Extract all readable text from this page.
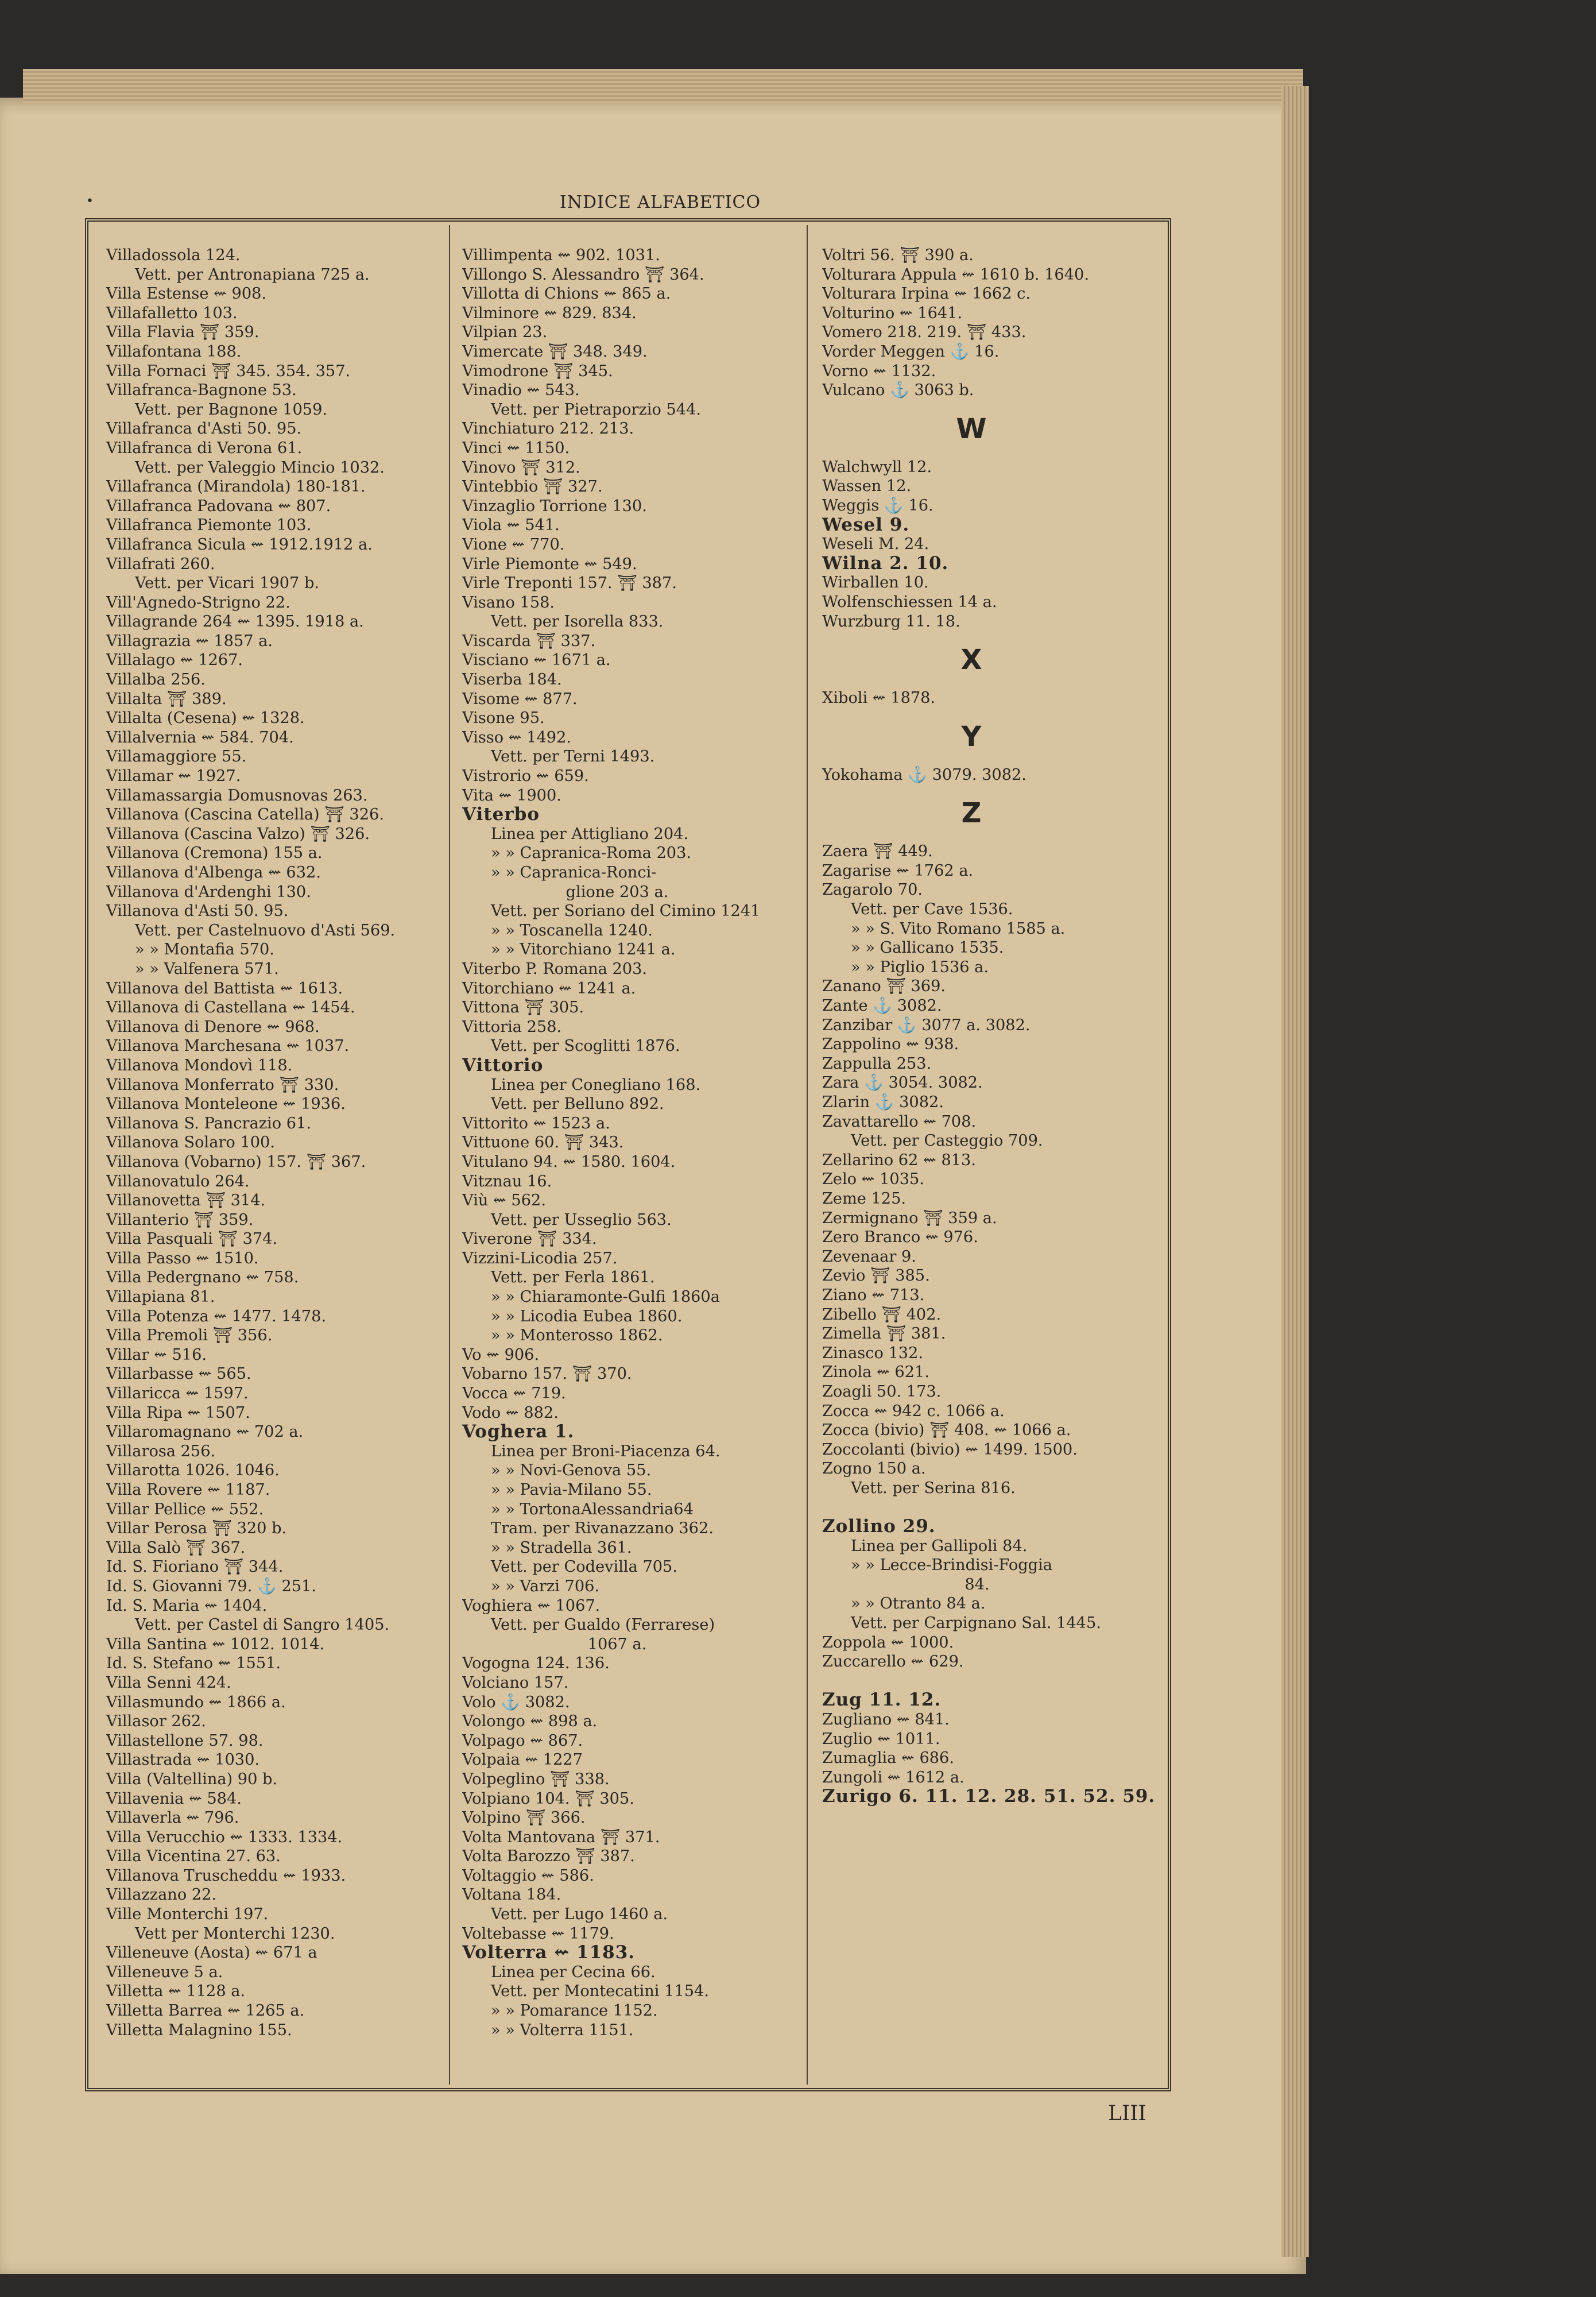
•	INDICE ALFABETICO
Villadossola 124.
Vett. per Antronapiana 725 a.
Villa Estense ⇜ 908.
Villafalletto 103.
Villa Flavia ⛩ 359.
Villafontana 188.
Villa Fornaci ⛩ 345. 354. 357.
Villafranca-Bagnone 53.
Vett. per Bagnone 1059.
Villafranca d'Asti 50. 95.
Villafranca di Verona 61.
Vett. per Valeggio Mincio 1032.
Villafranca (Mirandola) 180-181.
Villafranca Padovana ⇜ 807.
Villafranca Piemonte 103.
Villafranca Sicula ⇜ 1912.1912 a.
Villafrati 260.
Vett. per Vicari 1907 b.
Vill'Agnedo-Strigno 22.
Villagrande 264 ⇜ 1395. 1918 a.
Villagrazia ⇜ 1857 a.
Villalago ⇜ 1267.
Villalba 256.
Villalta ⛩ 389.
Villalta (Cesena) ⇜ 1328.
Villalvernia ⇜ 584. 704.
Villamaggiore 55.
Villamar ⇜ 1927.
Villamassargia Domusnovas 263.
Villanova (Cascina Catella) ⛩ 326.
Villanova (Cascina Valzo) ⛩ 326.
Villanova (Cremona) 155 a.
Villanova d'Albenga ⇜ 632.
Villanova d'Ardenghi 130.
Villanova d'Asti 50. 95.
Vett. per Castelnuovo d'Asti 569.
» » Montafia 570.
» » Valfenera 571.
Villanova del Battista ⇜ 1613.
Villanova di Castellana ⇜ 1454.
Villanova di Denore ⇜ 968.
Villanova Marchesana ⇜ 1037.
Villanova Mondovì 118.
Villanova Monferrato ⛩ 330.
Villanova Monteleone ⇜ 1936.
Villanova S. Pancrazio 61.
Villanova Solaro 100.
Villanova (Vobarno) 157. ⛩ 367.
Villanovatulo 264.
Villanovetta ⛩ 314.
Villanterio ⛩ 359.
Villa Pasquali ⛩ 374.
Villa Passo ⇜ 1510.
Villa Pedergnano ⇜ 758.
Villapiana 81.
Villa Potenza ⇜ 1477. 1478.
Villa Premoli ⛩ 356.
Villar ⇜ 516.
Villarbasse ⇜ 565.
Villaricca ⇜ 1597.
Villa Ripa ⇜ 1507.
Villaromagnano ⇜ 702 a.
Villarosa 256.
Villarotta 1026. 1046.
Villa Rovere ⇜ 1187.
Villar Pellice ⇜ 552.
Villar Perosa ⛩ 320 b.
Villa Salò ⛩ 367.
Id. S. Fioriano ⛩ 344.
Id. S. Giovanni 79. ⚓ 251.
Id. S. Maria ⇜ 1404.
Vett. per Castel di Sangro 1405.
Villa Santina ⇜ 1012. 1014.
Id. S. Stefano ⇜ 1551.
Villa Senni 424.
Villasmundo ⇜ 1866 a.
Villasor 262.
Villastellone 57. 98.
Villastrada ⇜ 1030.
Villa (Valtellina) 90 b.
Villavenia ⇜ 584.
Villaverla ⇜ 796.
Villa Verucchio ⇜ 1333. 1334.
Villa Vicentina 27. 63.
Villanova Truscheddu ⇜ 1933.
Villazzano 22.
Ville Monterchi 197.
Vett per Monterchi 1230.
Villeneuve (Aosta) ⇜ 671 a
Villeneuve 5 a.
Villetta ⇜ 1128 a.
Villetta Barrea ⇜ 1265 a.
Villetta Malagnino 155.
Villimpenta ⇜ 902. 1031.
Villongo S. Alessandro ⛩ 364.
Villotta di Chions ⇜ 865 a.
Vilminore ⇜ 829. 834.
Vilpian 23.
Vimercate ⛩ 348. 349.
Vimodrone ⛩ 345.
Vinadio ⇜ 543.
Vett. per Pietraporzio 544.
Vinchiaturo 212. 213.
Vinci ⇜ 1150.
Vinovo ⛩ 312.
Vintebbio ⛩ 327.
Vinzaglio Torrione 130.
Viola ⇜ 541.
Vione ⇜ 770.
Virle Piemonte ⇜ 549.
Virle Treponti 157. ⛩ 387.
Visano 158.
Vett. per Isorella 833.
Viscarda ⛩ 337.
Visciano ⇜ 1671 a.
Viserba 184.
Visome ⇜ 877.
Visone 95.
Visso ⇜ 1492.
Vett. per Terni 1493.
Vistrorio ⇜ 659.
Vita ⇜ 1900.
Viterbo
Linea per Attigliano 204.
» » Capranica-Roma 203.
» » Capranica-Ronci-
glione 203 a.
Vett. per Soriano del Cimino 1241
» » Toscanella 1240.
» » Vitorchiano 1241 a.
Viterbo P. Romana 203.
Vitorchiano ⇜ 1241 a.
Vittona ⛩ 305.
Vittoria 258.
Vett. per Scoglitti 1876.
Vittorio
Linea per Conegliano 168.
Vett. per Belluno 892.
Vittorito ⇜ 1523 a.
Vittuone 60. ⛩ 343.
Vitulano 94. ⇜ 1580. 1604.
Vitznau 16.
Viù ⇜ 562.
Vett. per Usseglio 563.
Viverone ⛩ 334.
Vizzini-Licodia 257.
Vett. per Ferla 1861.
» » Chiaramonte-Gulfi 1860a
» » Licodia Eubea 1860.
» » Monterosso 1862.
Vo ⇜ 906.
Vobarno 157. ⛩ 370.
Vocca ⇜ 719.
Vodo ⇜ 882.
Voghera 1.
Linea per Broni-Piacenza 64.
» » Novi-Genova 55.
» » Pavia-Milano 55.
» » TortonaAlessandria64
Tram. per Rivanazzano 362.
» » Stradella 361.
Vett. per Codevilla 705.
» » Varzi 706.
Voghiera ⇜ 1067.
Vett. per Gualdo (Ferrarese)
1067 a.
Vogogna 124. 136.
Volciano 157.
Volo ⚓ 3082.
Volongo ⇜ 898 a.
Volpago ⇜ 867.
Volpaia ⇜ 1227
Volpeglino ⛩ 338.
Volpiano 104. ⛩ 305.
Volpino ⛩ 366.
Volta Mantovana ⛩ 371.
Volta Barozzo ⛩ 387.
Voltaggio ⇜ 586.
Voltana 184.
Vett. per Lugo 1460 a.
Voltebasse ⇜ 1179.
Volterra ⇜ 1183.
Linea per Cecina 66.
Vett. per Montecatini 1154.
» » Pomarance 1152.
» » Volterra 1151.
Voltri 56. ⛩ 390 a.
Volturara Appula ⇜ 1610 b. 1640.
Volturara Irpina ⇜ 1662 c.
Volturino ⇜ 1641.
Vomero 218. 219. ⛩ 433.
Vorder Meggen ⚓ 16.
Vorno ⇜ 1132.
Vulcano ⚓ 3063 b.
W
Walchwyll 12.
Wassen 12.
Weggis ⚓ 16.
Wesel 9.
Weseli M. 24.
Wilna 2. 10.
Wirballen 10.
Wolfenschiessen 14 a.
Wurzburg 11. 18.
X
Xiboli ⇜ 1878.
Y
Yokohama ⚓ 3079. 3082.
Z
Zaera ⛩ 449.
Zagarise ⇜ 1762 a.
Zagarolo 70.
Vett. per Cave 1536.
» » S. Vito Romano 1585 a.
» » Gallicano 1535.
» » Piglio 1536 a.
Zanano ⛩ 369.
Zante ⚓ 3082.
Zanzibar ⚓ 3077 a. 3082.
Zappolino ⇜ 938.
Zappulla 253.
Zara ⚓ 3054. 3082.
Zlarin ⚓ 3082.
Zavattarello ⇜ 708.
Vett. per Casteggio 709.
Zellarino 62 ⇜ 813.
Zelo ⇜ 1035.
Zeme 125.
Zermignano ⛩ 359 a.
Zero Branco ⇜ 976.
Zevenaar 9.
Zevio ⛩ 385.
Ziano ⇜ 713.
Zibello ⛩ 402.
Zimella ⛩ 381.
Zinasco 132.
Zinola ⇜ 621.
Zoagli 50. 173.
Zocca ⇜ 942 c. 1066 a.
Zocca (bivio) ⛩ 408. ⇜ 1066 a.
Zoccolanti (bivio) ⇜ 1499. 1500.
Zogno 150 a.
Vett. per Serina 816.
Zollino 29.
Linea per Gallipoli 84.
» » Lecce-Brindisi-Foggia
84.
» » Otranto 84 a.
Vett. per Carpignano Sal. 1445.
Zoppola ⇜ 1000.
Zuccarello ⇜ 629.
Zug 11. 12.
Zugliano ⇜ 841.
Zuglio ⇜ 1011.
Zumaglia ⇜ 686.
Zungoli ⇜ 1612 a.
Zurigo 6. 11. 12. 28. 51. 52. 59.
LIII
